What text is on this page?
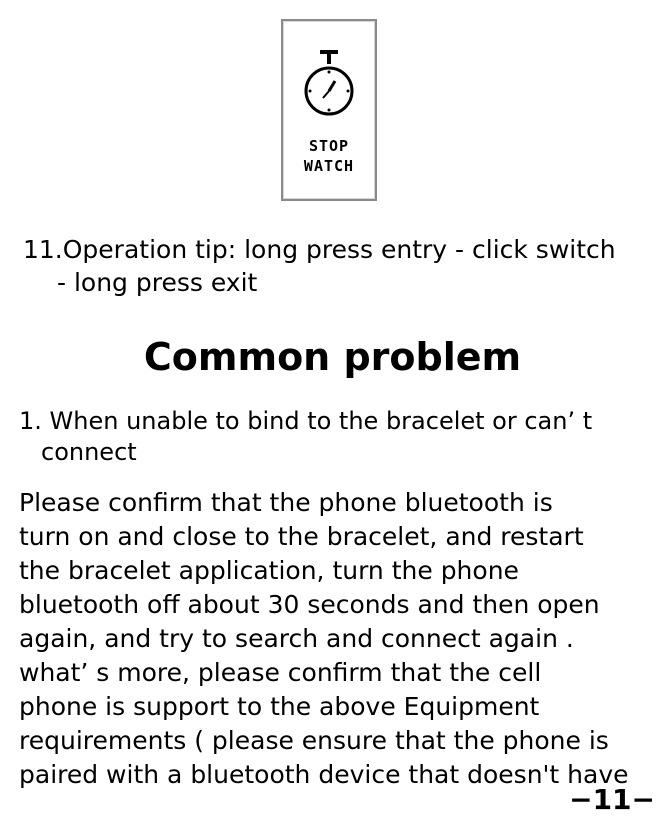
STOP
WATCH
11.Operation tip: long press entry - click switch
- long press exit
Common problem
1. When unable to bind to the bracelet or can’ t
connect
Please confirm that the phone bluetooth is
turn on and close to the bracelet, and restart
the bracelet application, turn the phone
bluetooth off about 30 seconds and then open
again, and try to search and connect again .
what’ s more, please confirm that the cell
phone is support to the above Equipment
requirements ( please ensure that the phone is
paired with a bluetooth device that doesn't have
−11−
